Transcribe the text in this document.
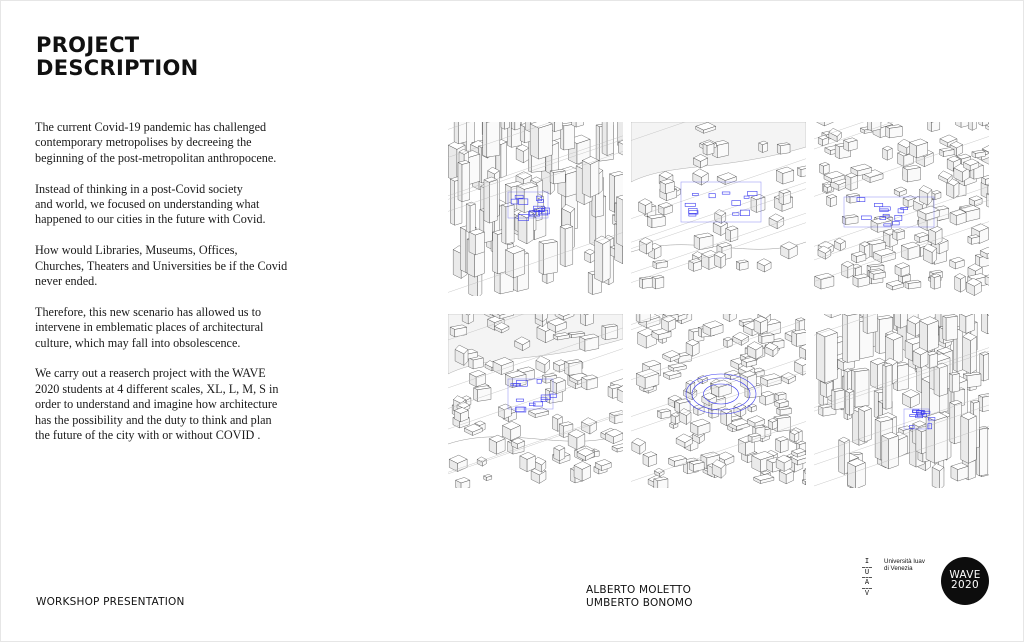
PROJECT
DESCRIPTION

The current Covid-19 pandemic has challenged
contemporary metropolises by decreeing the
beginning of the post-metropolitan anthropocene.

Instead of thinking in a post-Covid society
and world, we focused on understanding what
happened to our cities in the future with Covid.

How would Libraries, Museums, Offices,
Churches, Theaters and Universities be if the Covid
never ended.

Therefore, this new scenario has allowed us to
intervene in emblematic places of architectural
culture, which may fall into obsolescence.

We carry out a reaserch project with the WAVE
2020 students at 4 different scales, XL, L, M, S in
order to understand and imagine how architecture
has the possibility and the duty to think and plan
the future of the city with or without COVID .

WORKSHOP PRESENTATION
ALBERTO MOLETTO
UMBERTO BONOMO
I
U
A
V
Università Iuav
di Venezia
WAVE
2020
